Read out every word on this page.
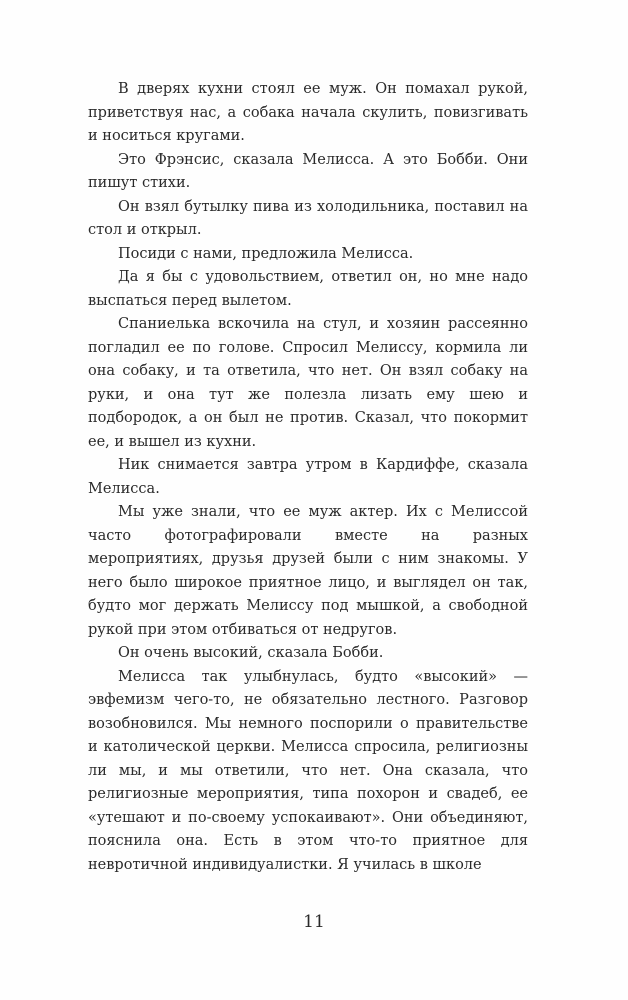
В дверях кухни стоял ее муж. Он помахал рукой, приветствуя нас, а собака начала скулить, повизгивать и носиться кругами.

Это Фрэнсис, сказала Мелисса. А это Бобби. Они пишут стихи.

Он взял бутылку пива из холодильника, поставил на стол и открыл.

Посиди с нами, предложила Мелисса.

Да я бы с удовольствием, ответил он, но мне надо выспаться перед вылетом.

Спаниелька вскочила на стул, и хозяин рассеянно погладил ее по голове. Спросил Мелиссу, кормила ли она собаку, и та ответила, что нет. Он взял собаку на руки, и она тут же полезла лизать ему шею и подбородок, а он был не против. Сказал, что покормит ее, и вышел из кухни.

Ник снимается завтра утром в Кардиффе, сказала Мелисса.

Мы уже знали, что ее муж актер. Их с Мелиссой часто фотографировали вместе на разных мероприятиях, друзья друзей были с ним знакомы. У него было широкое приятное лицо, и выглядел он так, будто мог держать Мелиссу под мышкой, а свободной рукой при этом отбиваться от недругов.

Он очень высокий, сказала Бобби.

Мелисса так улыбнулась, будто «высокий» — эвфемизм чего-то, не обязательно лестного. Разговор возобновился. Мы немного поспорили о правительстве и католической церкви. Мелисса спросила, религиозны ли мы, и мы ответили, что нет. Она сказала, что религиозные мероприятия, типа похорон и свадеб, ее «утешают и по-своему успокаивают». Они объединяют, пояснила она. Есть в этом что-то приятное для невротичной индивидуалистки. Я училась в школе

11
